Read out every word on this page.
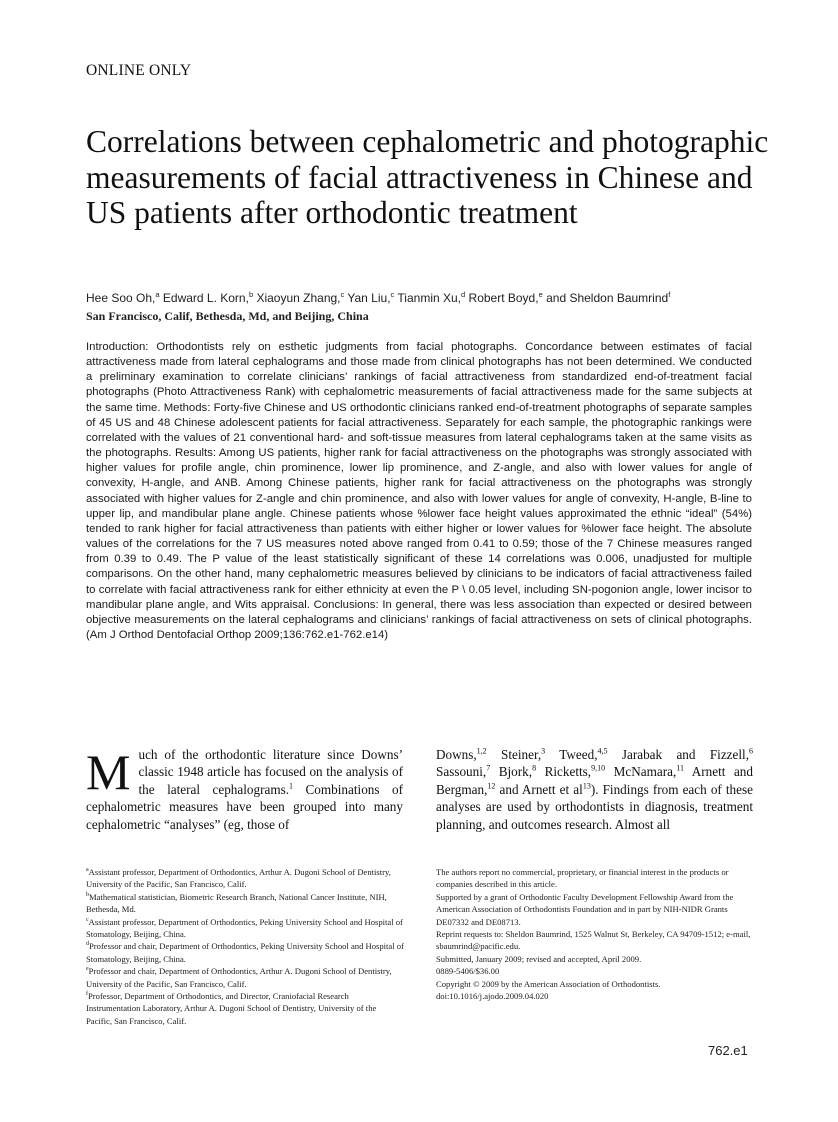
ONLINE ONLY
Correlations between cephalometric and photographic measurements of facial attractiveness in Chinese and US patients after orthodontic treatment
Hee Soo Oh,$^a$ Edward L. Korn,$^b$ Xiaoyun Zhang,$^c$ Yan Liu,$^c$ Tianmin Xu,$^d$ Robert Boyd,$^e$ and Sheldon Baumrind$^f$
San Francisco, Calif, Bethesda, Md, and Beijing, China

Introduction: Orthodontists rely on esthetic judgments from facial photographs. Concordance between estimates of facial attractiveness made from lateral cephalograms and those made from clinical photographs has not been determined. We conducted a preliminary examination to correlate clinicians’ rankings of facial attractiveness from standardized end-of-treatment facial photographs (Photo Attractiveness Rank) with cephalometric measurements of facial attractiveness made for the same subjects at the same time. Methods: Forty-five Chinese and US orthodontic clinicians ranked end-of-treatment photographs of separate samples of 45 US and 48 Chinese adolescent patients for facial attractiveness. Separately for each sample, the photographic rankings were correlated with the values of 21 conventional hard- and soft-tissue measures from lateral cephalograms taken at the same visits as the photographs. Results: Among US patients, higher rank for facial attractiveness on the photographs was strongly associated with higher values for profile angle, chin prominence, lower lip prominence, and Z-angle, and also with lower values for angle of convexity, H-angle, and ANB. Among Chinese patients, higher rank for facial attractiveness on the photographs was strongly associated with higher values for Z-angle and chin prominence, and also with lower values for angle of convexity, H-angle, B-line to upper lip, and mandibular plane angle. Chinese patients whose %lower face height values approximated the ethnic “ideal” (54%) tended to rank higher for facial attractiveness than patients with either higher or lower values for %lower face height. The absolute values of the correlations for the 7 US measures noted above ranged from 0.41 to 0.59; those of the 7 Chinese measures ranged from 0.39 to 0.49. The P value of the least statistically significant of these 14 correlations was 0.006, unadjusted for multiple comparisons. On the other hand, many cephalometric measures believed by clinicians to be indicators of facial attractiveness failed to correlate with facial attractiveness rank for either ethnicity at even the P \ 0.05 level, including SN-pogonion angle, lower incisor to mandibular plane angle, and Wits appraisal. Conclusions: In general, there was less association than expected or desired between objective measurements on the lateral cephalograms and clinicians’ rankings of facial attractiveness on sets of clinical photographs. (Am J Orthod Dentofacial Orthop 2009;136:762.e1-762.e14)

Much of the orthodontic literature since Downs’ classic 1948 article has focused on the analysis of the lateral cephalograms.$^1$ Combinations of cephalometric measures have been grouped into many cephalometric “analyses” (eg, those of
Downs,$^{1,2}$ Steiner,$^3$ Tweed,$^{4,5}$ Jarabak and Fizzell,$^6$ Sassouni,$^7$ Bjork,$^8$ Ricketts,$^{9,10}$ McNamara,$^{11}$ Arnett and Bergman,$^{12}$ and Arnett et $al^{13}$). Findings from each of these analyses are used by orthodontists in diagnosis, treatment planning, and outcomes research. Almost all

$^a$Assistant professor, Department of Orthodontics, Arthur A. Dugoni School of Dentistry, University of the Pacific, San Francisco, Calif.

$^b$Mathematical statistician, Biometric Research Branch, National Cancer Institute, NIH, Bethesda, Md.

$^c$Assistant professor, Department of Orthodontics, Peking University School and Hospital of Stomatology, Beijing, China.

$^d$Professor and chair, Department of Orthodontics, Peking University School and Hospital of Stomatology, Beijing, China.

$^e$Professor and chair, Department of Orthodontics, Arthur A. Dugoni School of Dentistry, University of the Pacific, San Francisco, Calif.

$^f$Professor, Department of Orthodontics, and Director, Craniofacial Research Instrumentation Laboratory, Arthur A. Dugoni School of Dentistry, University of the Pacific, San Francisco, Calif.

The authors report no commercial, proprietary, or financial interest in the products or companies described in this article.

Supported by a grant of Orthodontic Faculty Development Fellowship Award from the American Association of Orthodontists Foundation and in part by NIH-NIDR Grants DE07332 and DE08713.

Reprint requests to: Sheldon Baumrind, 1525 Walnut St, Berkeley, CA 94709-1512; e-mail, sbaumrind@pacific.edu.

Submitted, January 2009; revised and accepted, April 2009.

0889-5406/$36.00

Copyright © 2009 by the American Association of Orthodontists.

doi:10.1016/j.ajodo.2009.04.020

762.e1
